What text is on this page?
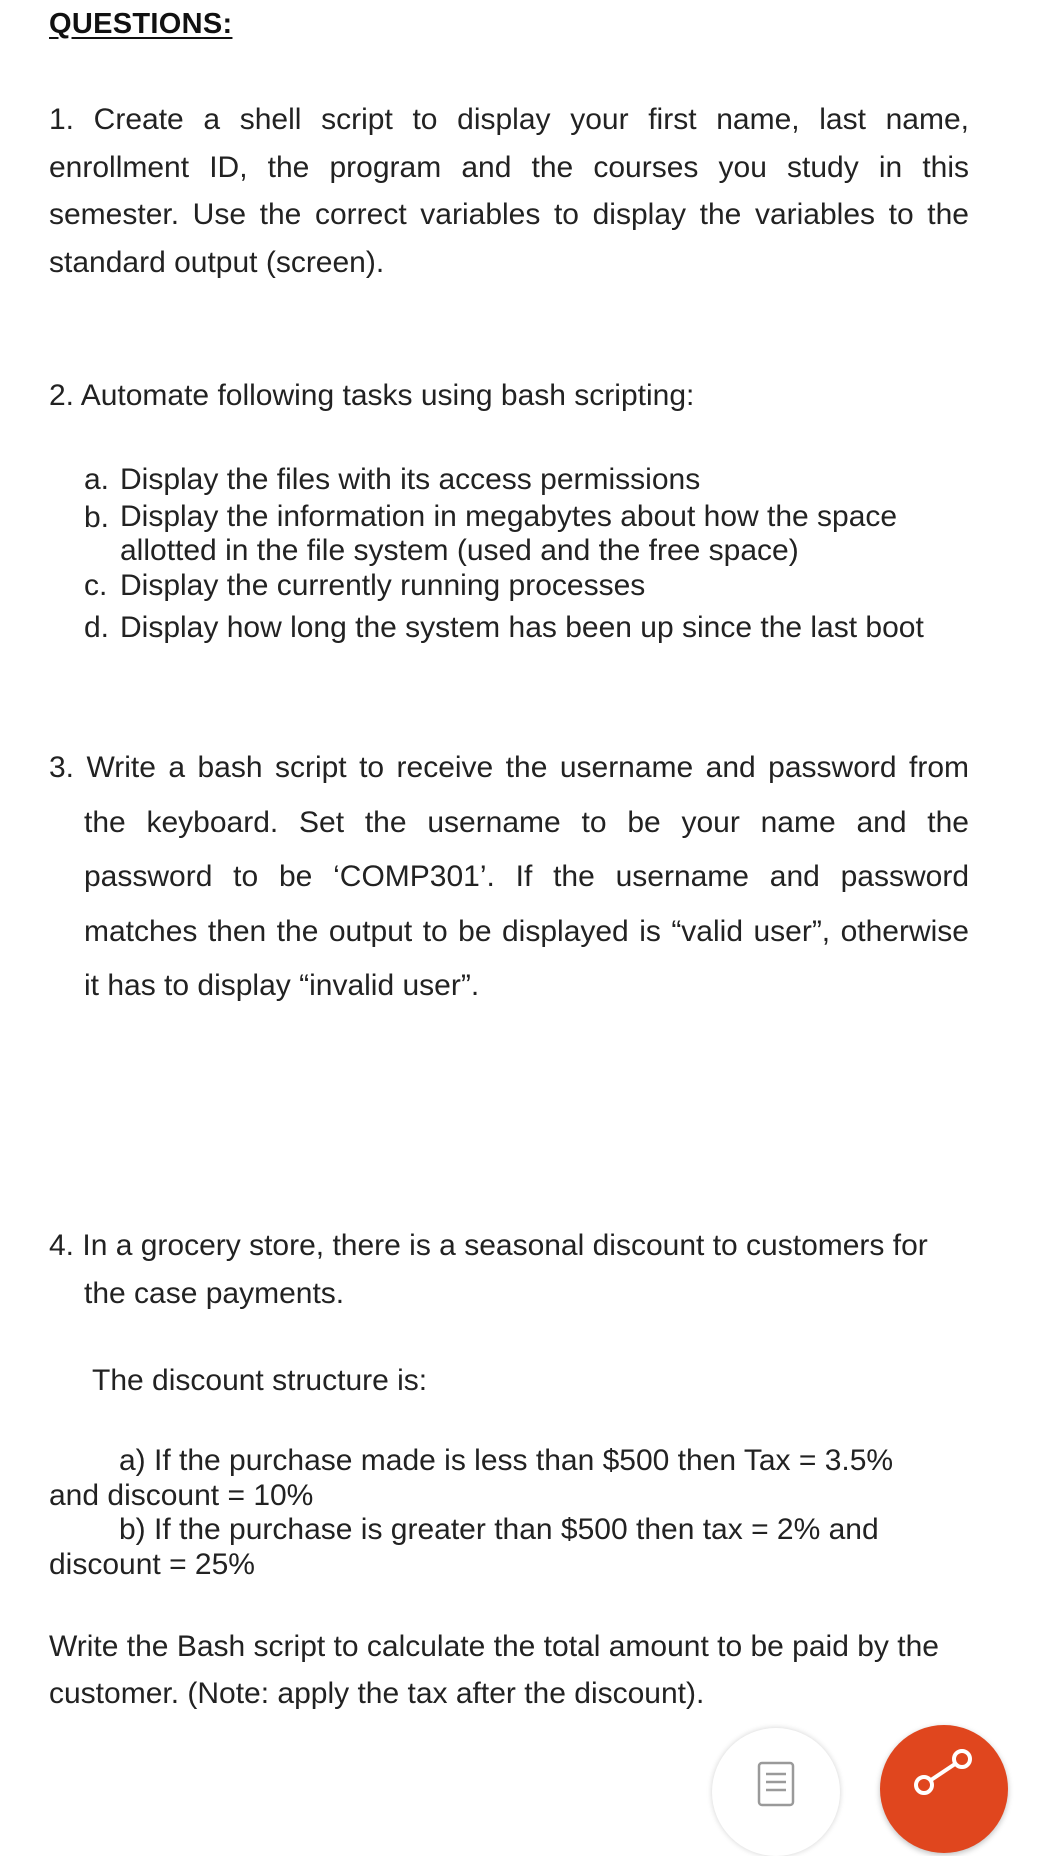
QUESTIONS:
1. Create a shell script to display your first name, last name, enrollment ID, the program and the courses you study in this semester. Use the correct variables to display the variables to the standard output (screen).
2. Automate following tasks using bash scripting:
a. Display the files with its access permissions
b. Display the information in megabytes about how the space allotted in the file system (used and the free space)
c. Display the currently running processes
d. Display how long the system has been up since the last boot
3. Write a bash script to receive the username and password from the keyboard. Set the username to be your name and the password to be ‘COMP301’. If the username and password matches then the output to be displayed is “valid user”, otherwise it has to display “invalid user”.
4. In a grocery store, there is a seasonal discount to customers for the case payments.
The discount structure is:
a) If the purchase made is less than $500 then Tax = 3.5%
and discount = 10%
b) If the purchase is greater than $500 then tax = 2% and
discount = 25%
Write the Bash script to calculate the total amount to be paid by the customer. (Note: apply the tax after the discount).
